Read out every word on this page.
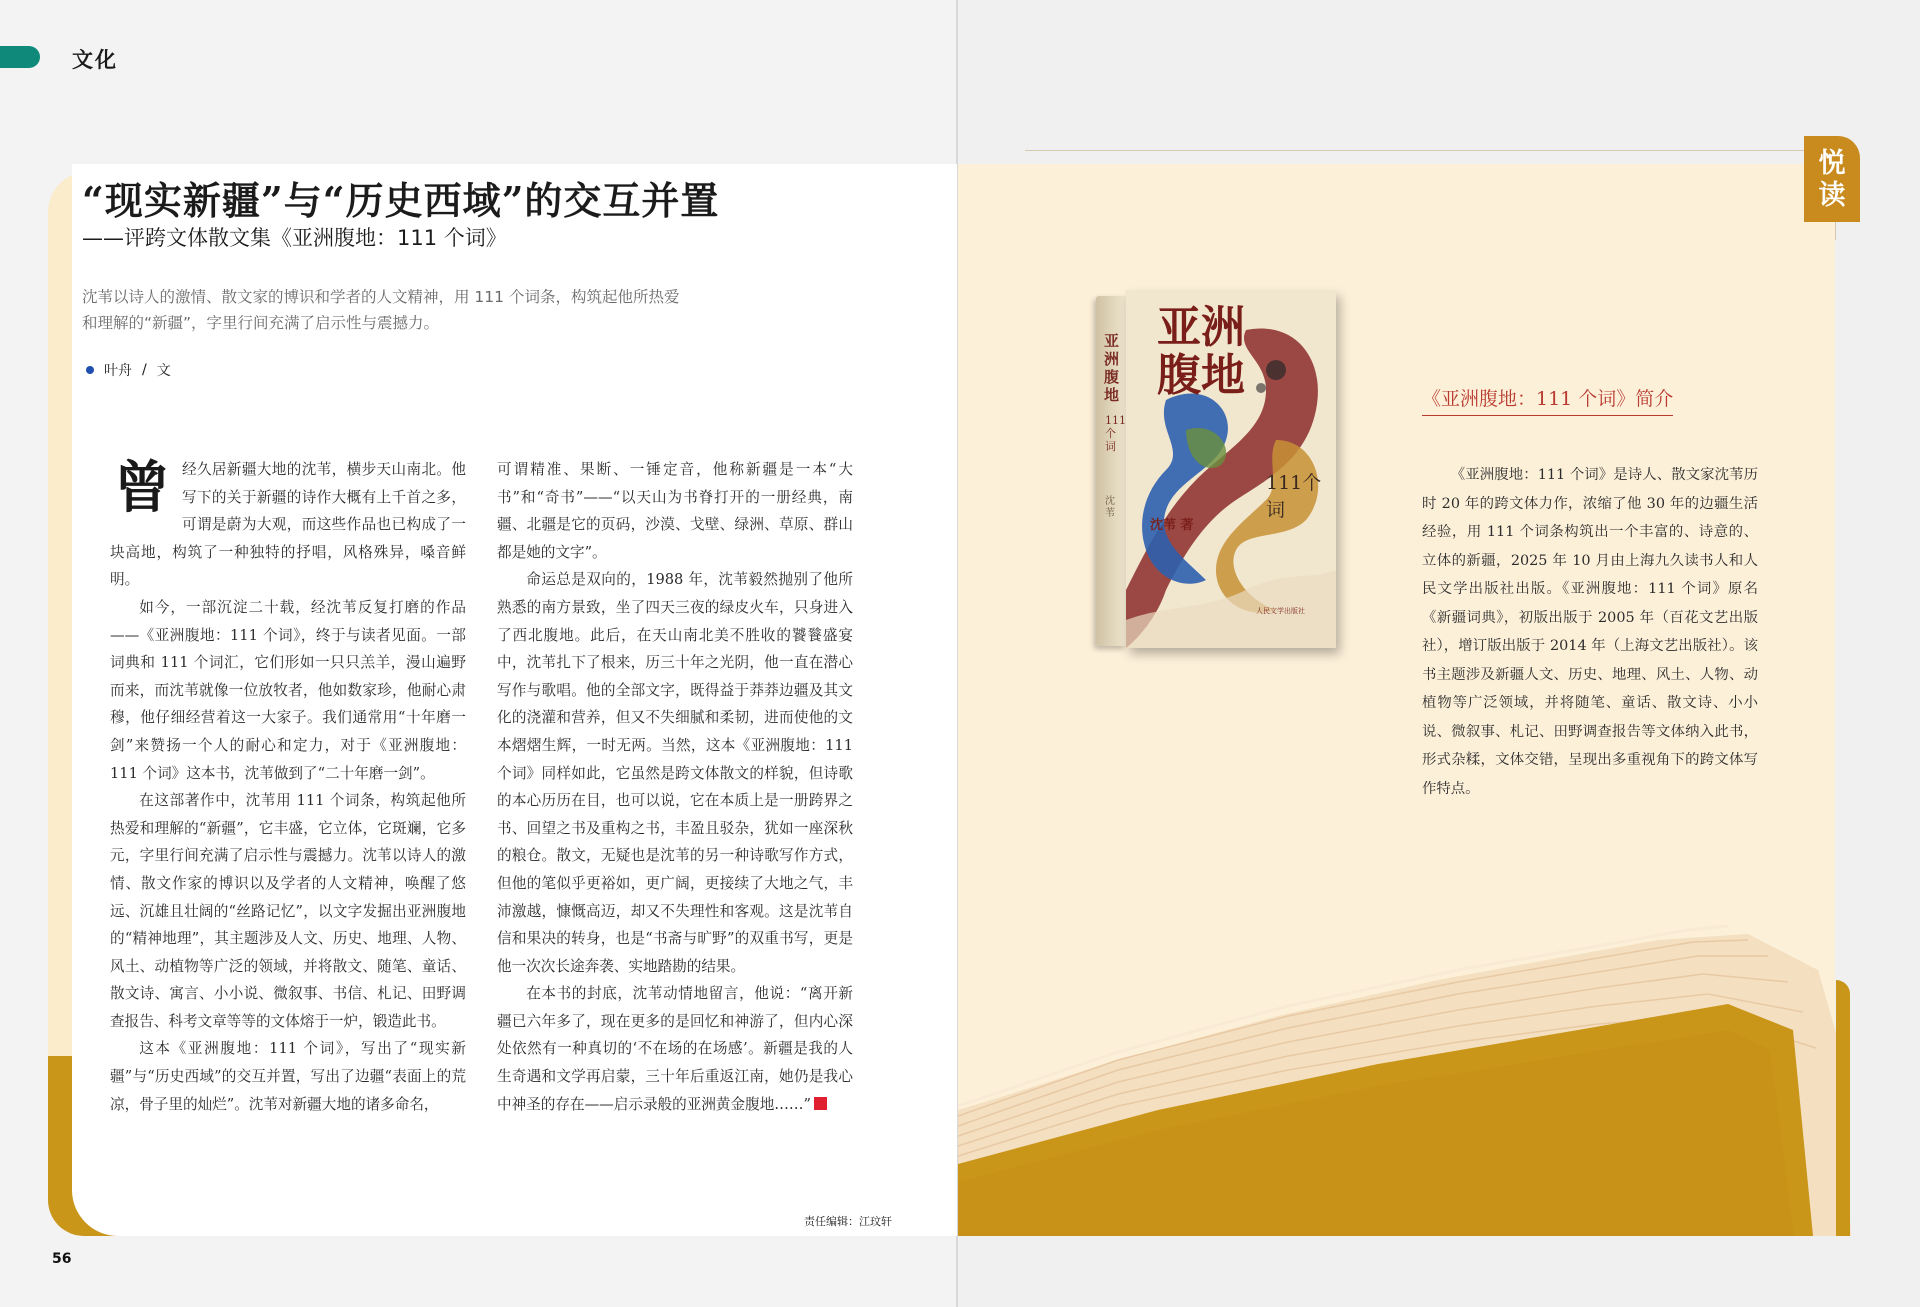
文化
“现实新疆”与“历史西域”的交互并置
——评跨文体散文集《亚洲腹地：111 个词》
沈苇以诗人的激情、散文家的博识和学者的人文精神，用 111 个词条，构筑起他所热爱和理解的“新疆”，字里行间充满了启示性与震撼力。
叶舟 / 文

曾经久居新疆大地的沈苇，横步天山南北。他写下的关于新疆的诗作大概有上千首之多，可谓是蔚为大观，而这些作品也已构成了一块高地，构筑了一种独特的抒唱，风格殊异，嗓音鲜明。

如今，一部沉淀二十载，经沈苇反复打磨的作品——《亚洲腹地：111 个词》，终于与读者见面。一部词典和 111 个词汇，它们形如一只只羔羊，漫山遍野而来，而沈苇就像一位放牧者，他如数家珍，他耐心肃穆，他仔细经营着这一大家子。我们通常用“十年磨一剑”来赞扬一个人的耐心和定力，对于《亚洲腹地：111 个词》这本书，沈苇做到了“二十年磨一剑”。

在这部著作中，沈苇用 111 个词条，构筑起他所热爱和理解的“新疆”，它丰盛，它立体，它斑斓，它多元，字里行间充满了启示性与震撼力。沈苇以诗人的激情、散文作家的博识以及学者的人文精神，唤醒了悠远、沉雄且壮阔的“丝路记忆”，以文字发掘出亚洲腹地的“精神地理”，其主题涉及人文、历史、地理、人物、风土、动植物等广泛的领域，并将散文、随笔、童话、散文诗、寓言、小小说、微叙事、书信、札记、田野调查报告、科考文章等等的文体熔于一炉，锻造此书。

这本《亚洲腹地：111 个词》，写出了“现实新疆”与“历史西域”的交互并置，写出了边疆“表面上的荒凉，骨子里的灿烂”。沈苇对新疆大地的诸多命名，

可谓精准、果断、一锤定音，他称新疆是一本“大书”和“奇书”——“以天山为书脊打开的一册经典，南疆、北疆是它的页码，沙漠、戈壁、绿洲、草原、群山都是她的文字”。

命运总是双向的，1988 年，沈苇毅然抛别了他所熟悉的南方景致，坐了四天三夜的绿皮火车，只身进入了西北腹地。此后，在天山南北美不胜收的饕餮盛宴中，沈苇扎下了根来，历三十年之光阴，他一直在潜心写作与歌唱。他的全部文字，既得益于莽莽边疆及其文化的浇灌和营养，但又不失细腻和柔韧，进而使他的文本熠熠生辉，一时无两。当然，这本《亚洲腹地：111 个词》同样如此，它虽然是跨文体散文的样貌，但诗歌的本心历历在目，也可以说，它在本质上是一册跨界之书、回望之书及重构之书，丰盈且驳杂，犹如一座深秋的粮仓。散文，无疑也是沈苇的另一种诗歌写作方式，但他的笔似乎更裕如，更广阔，更接续了大地之气，丰沛激越，慷慨高迈，却又不失理性和客观。这是沈苇自信和果决的转身，也是“书斋与旷野”的双重书写，更是他一次次长途奔袭、实地踏勘的结果。

在本书的封底，沈苇动情地留言，他说：“离开新疆已六年多了，现在更多的是回忆和神游了，但内心深处依然有一种真切的‘不在场的在场感’。新疆是我的人生奇遇和文学再启蒙，三十年后重返江南，她仍是我心中神圣的存在——启示录般的亚洲黄金腹地……”

责任编辑：江玟轩
56
悦
读
亚洲腹地
111个词
沈苇
亚洲腹地
111个词
沈苇 著
人民文学出版社
《亚洲腹地：111 个词》简介

《亚洲腹地：111 个词》是诗人、散文家沈苇历时 20 年的跨文体力作，浓缩了他 30 年的边疆生活经验，用 111 个词条构筑出一个丰富的、诗意的、立体的新疆，2025 年 10 月由上海九久读书人和人民文学出版社出版。《亚洲腹地：111 个词》原名《新疆词典》，初版出版于 2005 年（百花文艺出版社），增订版出版于 2014 年（上海文艺出版社）。该书主题涉及新疆人文、历史、地理、风土、人物、动植物等广泛领域，并将随笔、童话、散文诗、小小说、微叙事、札记、田野调查报告等文体纳入此书，形式杂糅，文体交错，呈现出多重视角下的跨文体写作特点。
